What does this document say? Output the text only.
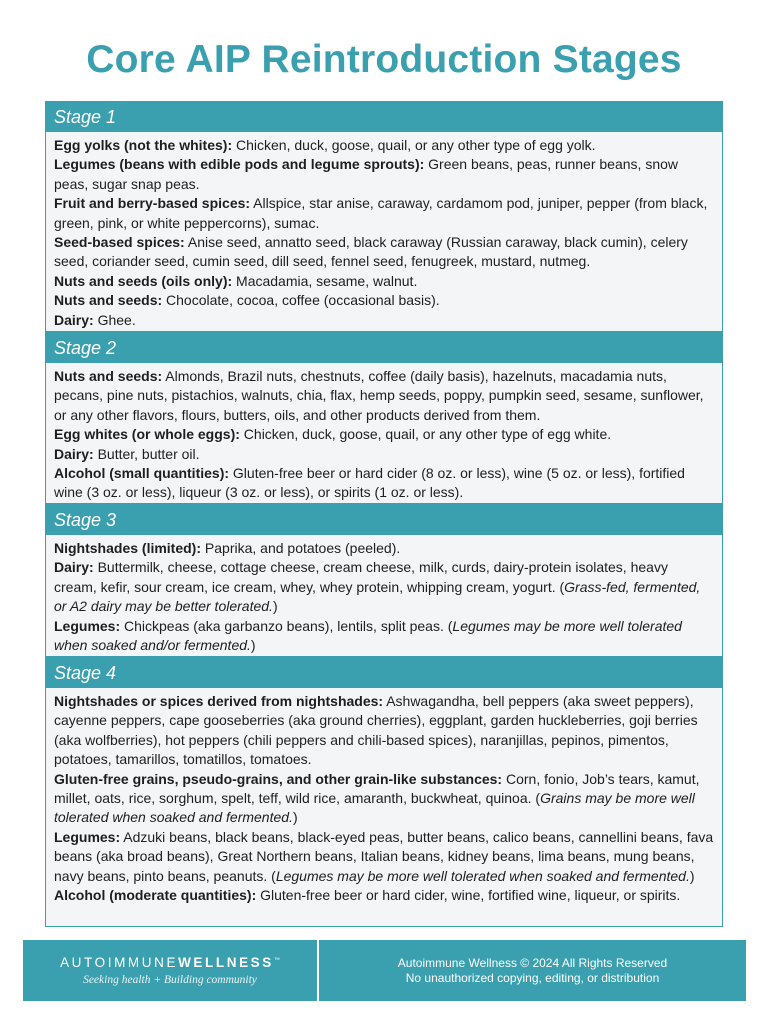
Core AIP Reintroduction Stages
Stage 1

Egg yolks (not the whites): Chicken, duck, goose, quail, or any other type of egg yolk.

Legumes (beans with edible pods and legume sprouts): Green beans, peas, runner beans, snow peas, sugar snap peas.

Fruit and berry-based spices: Allspice, star anise, caraway, cardamom pod, juniper, pepper (from black, green, pink, or white peppercorns), sumac.

Seed-based spices: Anise seed, annatto seed, black caraway (Russian caraway, black cumin), celery seed, coriander seed, cumin seed, dill seed, fennel seed, fenugreek, mustard, nutmeg.

Nuts and seeds (oils only): Macadamia, sesame, walnut.

Nuts and seeds: Chocolate, cocoa, coffee (occasional basis).

Dairy: Ghee.

Stage 2

Nuts and seeds: Almonds, Brazil nuts, chestnuts, coffee (daily basis), hazelnuts, macadamia nuts, pecans, pine nuts, pistachios, walnuts, chia, flax, hemp seeds, poppy, pumpkin seed, sesame, sunflower, or any other flavors, flours, butters, oils, and other products derived from them.

Egg whites (or whole eggs): Chicken, duck, goose, quail, or any other type of egg white.

Dairy: Butter, butter oil.

Alcohol (small quantities): Gluten-free beer or hard cider (8 oz. or less), wine (5 oz. or less), fortified wine (3 oz. or less), liqueur (3 oz. or less), or spirits (1 oz. or less).

Stage 3

Nightshades (limited): Paprika, and potatoes (peeled).

Dairy: Buttermilk, cheese, cottage cheese, cream cheese, milk, curds, dairy-protein isolates, heavy cream, kefir, sour cream, ice cream, whey, whey protein, whipping cream, yogurt. (Grass-fed, fermented, or A2 dairy may be better tolerated.)

Legumes: Chickpeas (aka garbanzo beans), lentils, split peas. (Legumes may be more well tolerated when soaked and/or fermented.)

Stage 4

Nightshades or spices derived from nightshades: Ashwagandha, bell peppers (aka sweet peppers), cayenne peppers, cape gooseberries (aka ground cherries), eggplant, garden huckleberries, goji berries (aka wolfberries), hot peppers (chili peppers and chili-based spices), naranjillas, pepinos, pimentos, potatoes, tamarillos, tomatillos, tomatoes.

Gluten-free grains, pseudo-grains, and other grain-like substances: Corn, fonio, Job’s tears, kamut, millet, oats, rice, sorghum, spelt, teff, wild rice, amaranth, buckwheat, quinoa. (Grains may be more well tolerated when soaked and fermented.)

Legumes: Adzuki beans, black beans, black-eyed peas, butter beans, calico beans, cannellini beans, fava beans (aka broad beans), Great Northern beans, Italian beans, kidney beans, lima beans, mung beans, navy beans, pinto beans, peanuts. (Legumes may be more well tolerated when soaked and fermented.)

Alcohol (moderate quantities): Gluten-free beer or hard cider, wine, fortified wine, liqueur, or spirits.

AUTOIMMUNEWELLNESS™
Seeking health + Building community
Autoimmune Wellness © 2024 All Rights Reserved
No unauthorized copying, editing, or distribution
